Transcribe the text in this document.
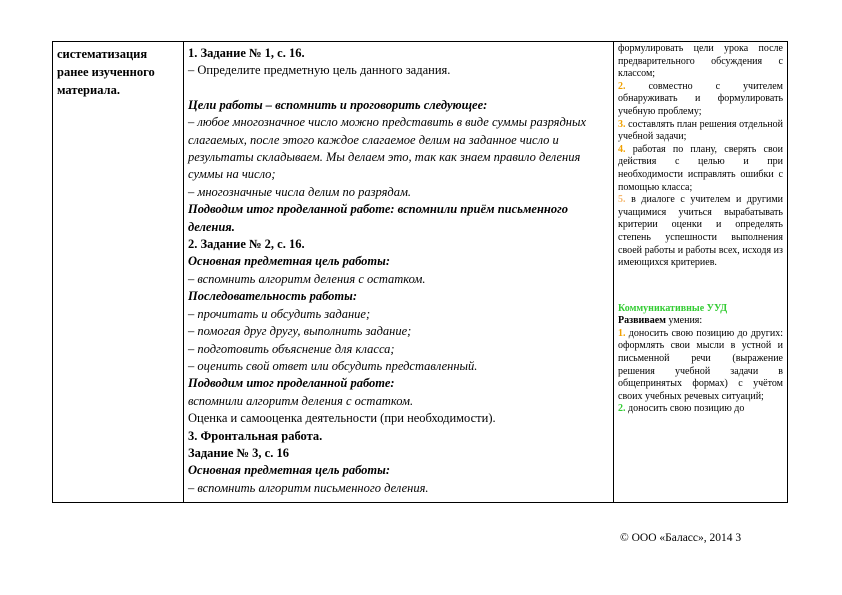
систематизация ранее изученного материала.

1. Задание № 1, с. 16.

– Определите предметную цель данного задания.

Цели работы – вспомнить и проговорить следующее:

– любое многозначное число можно представить в виде суммы разрядных слагаемых, после этого каждое слагаемое делим на заданное число и результаты складываем. Мы делаем это, так как знаем правило деления суммы на число;

– многозначные числа делим по разрядам.

Подводим итог проделанной работе: вспомнили приём письменного деления.

2. Задание № 2, с. 16.

Основная предметная цель работы:

– вспомнить алгоритм деления с остатком.

Последовательность работы:

– прочитать и обсудить задание;

– помогая друг другу, выполнить задание;

– подготовить объяснение для класса;

– оценить свой ответ или обсудить представленный.

Подводим итог проделанной работе:

вспомнили алгоритм деления с остатком.

Оценка и самооценка деятельности (при необходимости).

3. Фронтальная работа.

Задание № 3, с. 16

Основная предметная цель работы:

– вспомнить алгоритм письменного деления.

формулировать цели урока после предварительного обсуждения с классом;

2. совместно с учителем обнаруживать и формулировать учебную проблему;

3. составлять план решения отдельной учебной задачи;

4. работая по плану, сверять свои действия с целью и при необходимости исправлять ошибки с помощью класса;

5. в диалоге с учителем и другими учащимися учиться вырабатывать критерии оценки и определять степень успешности выполнения своей работы и работы всех, исходя из имеющихся критериев.

Коммуникативные УУД

Развиваем умения:

1. доносить свою позицию до других: оформлять свои мысли в устной и письменной речи (выражение решения учебной задачи в общепринятых формах) с учётом своих учебных речевых ситуаций;

2. доносить свою позицию до

© ООО «Баласс», 2014 3
